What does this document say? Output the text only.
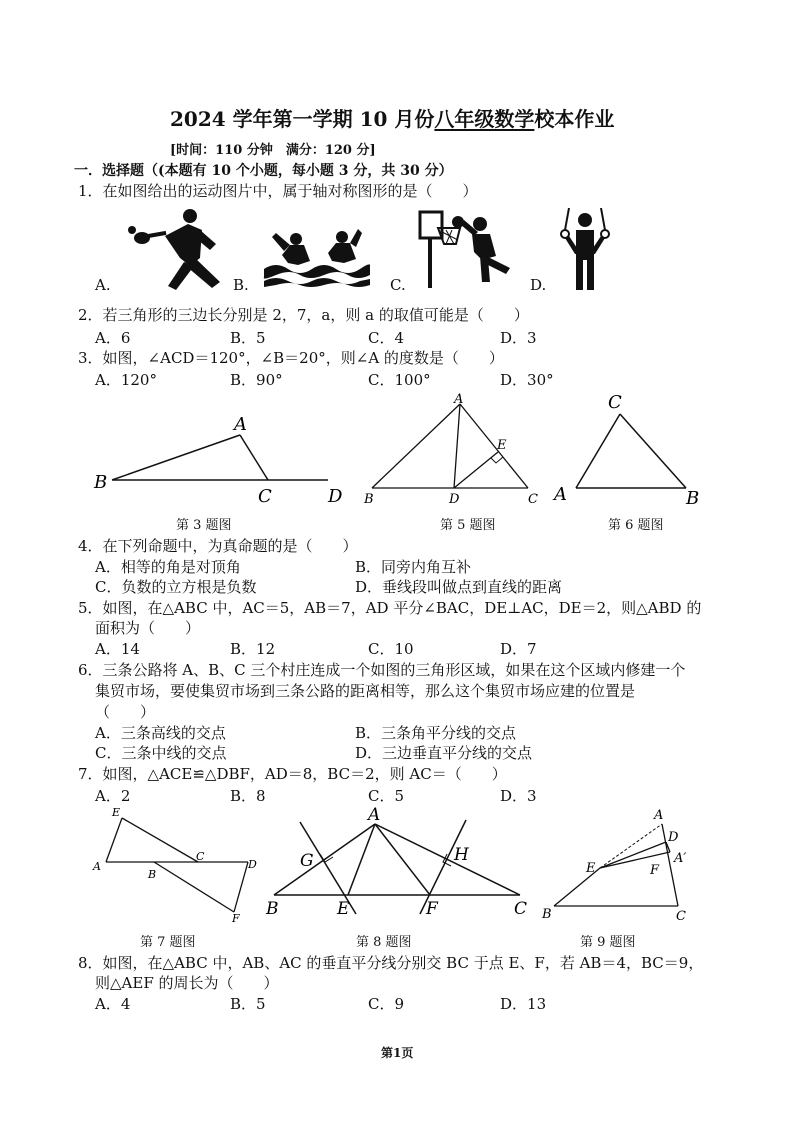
2024 学年第一学期 10 月份八年级数学校本作业
[时间：110 分钟　满分：120 分]
一．选择题（(本题有 10 个小题，每小题 3 分，共 30 分）
1．在如图给出的运动图片中，属于轴对称图形的是（　　）
A.	B.	C.	D.
2．若三角形的三边长分别是 2，7，a，则 a 的取值可能是（　　）
A．6	B．5	C．4	D．3
3．如图，∠ACD＝120°，∠B＝20°，则∠A 的度数是（　　）
A．120°	B．90°	C．100°	D．30°
A
B
C	D
第 3 题图
A
E
B	D	C
第 5 题图
C
A	B
第 6 题图
4．在下列命题中，为真命题的是（　　）
A．相等的角是对顶角	B．同旁内角互补
C．负数的立方根是负数	D．垂线段叫做点到直线的距离
5．如图，在△ABC 中，AC＝5，AB＝7，AD 平分∠BAC，DE⊥AC，DE＝2，则△ABD 的
面积为（　　）
A．14	B．12	C．10	D．7
6．三条公路将 A、B、C 三个村庄连成一个如图的三角形区域，如果在这个区域内修建一个
集贸市场，要使集贸市场到三条公路的距离相等，那么这个集贸市场应建的位置是
（　　）
A．三条高线的交点	B．三条角平分线的交点
C．三条中线的交点	D．三边垂直平分线的交点
7．如图，△ACE≌△DBF，AD＝8，BC＝2，则 AC＝（　　）
A．2	B．8	C．5	D．3
E
A
C
D
B
F
第 7 题图
A
G	H
B	E	F	C
第 8 题图
A
D
A′
E	F
B	C
第 9 题图
8．如图，在△ABC 中，AB、AC 的垂直平分线分别交 BC 于点 E、F，若 AB＝4，BC＝9，
则△AEF 的周长为（　　）
A．4	B．5	C．9	D．13
第1页
